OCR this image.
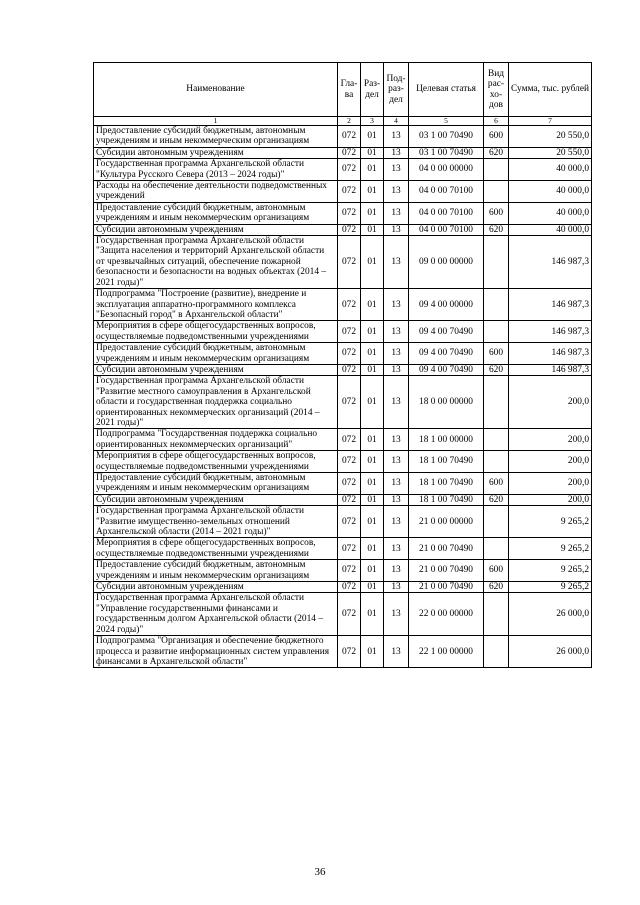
Наименование	Гла-ва	Раз-дел	Под-раз-дел	Целевая статья	Вид рас-хо-дов	Сумма, тыс. рублей
1	2	3	4	5	6	7
Предоставление субсидий бюджетным, автономным учреждениям и иным некоммерческим организациям	072	01	13	03 1 00 70490	600	20 550,0
Субсидии автономным учреждениям	072	01	13	03 1 00 70490	620	20 550,0
Государственная программа Архангельской области "Культура Русского Севера (2013 – 2024 годы)"	072	01	13	04 0 00 00000		40 000,0
Расходы на обеспечение деятельности подведомственных учреждений	072	01	13	04 0 00 70100		40 000,0
Предоставление субсидий бюджетным, автономным учреждениям и иным некоммерческим организациям	072	01	13	04 0 00 70100	600	40 000,0
Субсидии автономным учреждениям	072	01	13	04 0 00 70100	620	40 000,0
Государственная программа Архангельской области "Защита населения и территорий Архангельской области от чрезвычайных ситуаций, обеспечение пожарной безопасности и безопасности на водных объектах (2014 – 2021 годы)"	072	01	13	09 0 00 00000		146 987,3
Подпрограмма "Построение (развитие), внедрение и эксплуатация аппаратно-программного комплекса "Безопасный город" в Архангельской области"	072	01	13	09 4 00 00000		146 987,3
Мероприятия в сфере общегосударственных вопросов, осуществляемые подведомственными учреждениями	072	01	13	09 4 00 70490		146 987,3
Предоставление субсидий бюджетным, автономным учреждениям и иным некоммерческим организациям	072	01	13	09 4 00 70490	600	146 987,3
Субсидии автономным учреждениям	072	01	13	09 4 00 70490	620	146 987,3
Государственная программа Архангельской области "Развитие местного самоуправления в Архангельской области и государственная поддержка социально ориентированных некоммерческих организаций (2014 – 2021 годы)"	072	01	13	18 0 00 00000		200,0
Подпрограмма "Государственная поддержка социально ориентированных некоммерческих организаций"	072	01	13	18 1 00 00000		200,0
Мероприятия в сфере общегосударственных вопросов, осуществляемые подведомственными учреждениями	072	01	13	18 1 00 70490		200,0
Предоставление субсидий бюджетным, автономным учреждениям и иным некоммерческим организациям	072	01	13	18 1 00 70490	600	200,0
Субсидии автономным учреждениям	072	01	13	18 1 00 70490	620	200,0
Государственная программа Архангельской области "Развитие имущественно-земельных отношений Архангельской области (2014 – 2021 годы)"	072	01	13	21 0 00 00000		9 265,2
Мероприятия в сфере общегосударственных вопросов, осуществляемые подведомственными учреждениями	072	01	13	21 0 00 70490		9 265,2
Предоставление субсидий бюджетным, автономным учреждениям и иным некоммерческим организациям	072	01	13	21 0 00 70490	600	9 265,2
Субсидии автономным учреждениям	072	01	13	21 0 00 70490	620	9 265,2
Государственная программа Архангельской области "Управление государственными финансами и государственным долгом Архангельской области (2014 – 2024 годы)"	072	01	13	22 0 00 00000		26 000,0
Подпрограмма "Организация и обеспечение бюджетного процесса и развитие информационных систем управления финансами в Архангельской области"	072	01	13	22 1 00 00000		26 000,0
36
